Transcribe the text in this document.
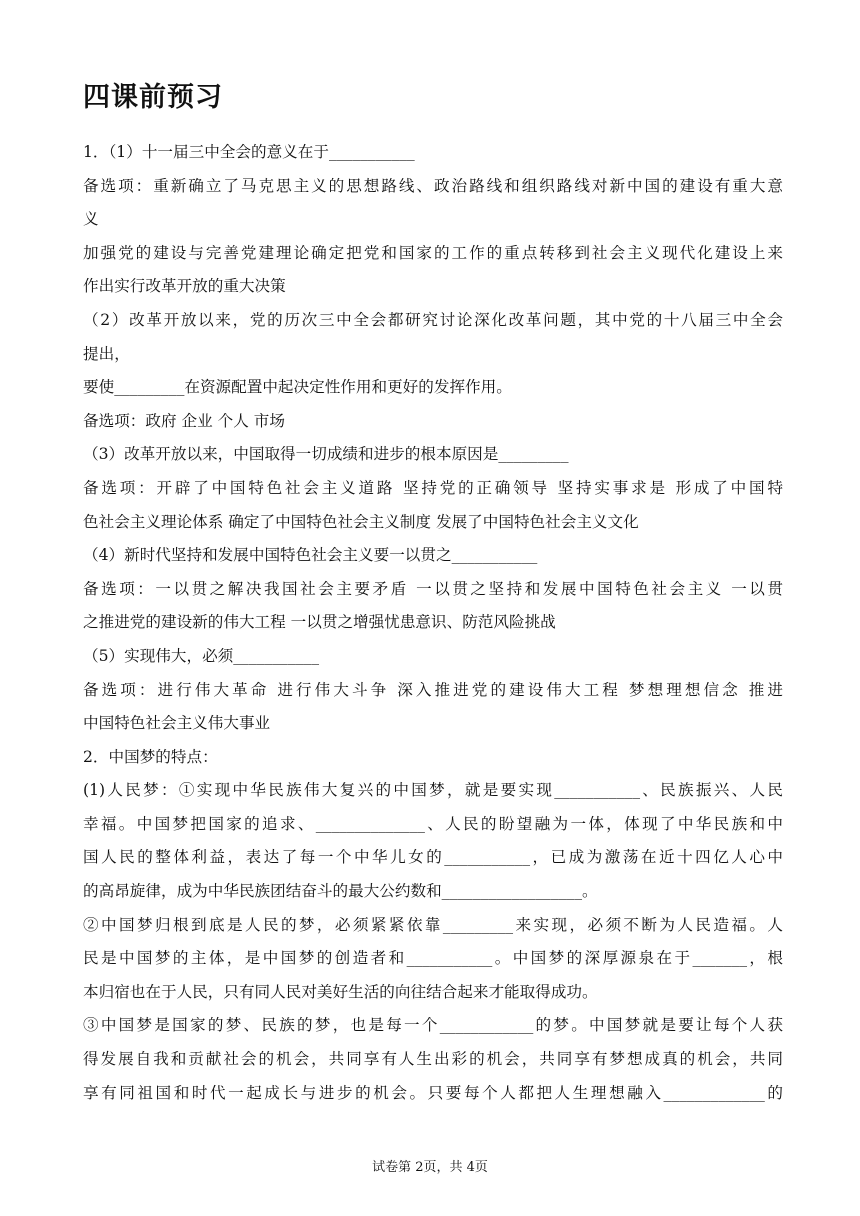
四课前预习
1．（1）十一届三中全会的意义在于___________
备选项：重新确立了马克思主义的思想路线、政治路线和组织路线对新中国的建设有重大意
义
加强党的建设与完善党建理论确定把党和国家的工作的重点转移到社会主义现代化建设上来
作出实行改革开放的重大决策
（2）改革开放以来，党的历次三中全会都研究讨论深化改革问题，其中党的十八届三中全会
提出，
要使_________在资源配置中起决定性作用和更好的发挥作用。
备选项：政府 企业 个人 市场
（3）改革开放以来，中国取得一切成绩和进步的根本原因是_________
备选项：开辟了中国特色社会主义道路 坚持党的正确领导 坚持实事求是 形成了中国特
色社会主义理论体系 确定了中国特色社会主义制度 发展了中国特色社会主义文化
（4）新时代坚持和发展中国特色社会主义要一以贯之___________
备选项：一以贯之解决我国社会主要矛盾 一以贯之坚持和发展中国特色社会主义 一以贯
之推进党的建设新的伟大工程 一以贯之增强忧患意识、防范风险挑战
（5）实现伟大，必须___________
备选项：进行伟大革命 进行伟大斗争 深入推进党的建设伟大工程 梦想理想信念 推进
中国特色社会主义伟大事业
2．中国梦的特点：
(1)人民梦：①实现中华民族伟大复兴的中国梦，就是要实现___________、民族振兴、人民
幸福。中国梦把国家的追求、______________、人民的盼望融为一体，体现了中华民族和中
国人民的整体利益，表达了每一个中华儿女的___________，已成为激荡在近十四亿人心中
的高昂旋律，成为中华民族团结奋斗的最大公约数和__________________。
②中国梦归根到底是人民的梦，必须紧紧依靠_________来实现，必须不断为人民造福。人
民是中国梦的主体，是中国梦的创造者和___________。中国梦的深厚源泉在于_______，根
本归宿也在于人民，只有同人民对美好生活的向往结合起来才能取得成功。
③中国梦是国家的梦、民族的梦，也是每一个____________的梦。中国梦就是要让每个人获
得发展自我和贡献社会的机会，共同享有人生出彩的机会，共同享有梦想成真的机会，共同
享有同祖国和时代一起成长与进步的机会。只要每个人都把人生理想融入_____________的
试卷第 2页，共 4页
